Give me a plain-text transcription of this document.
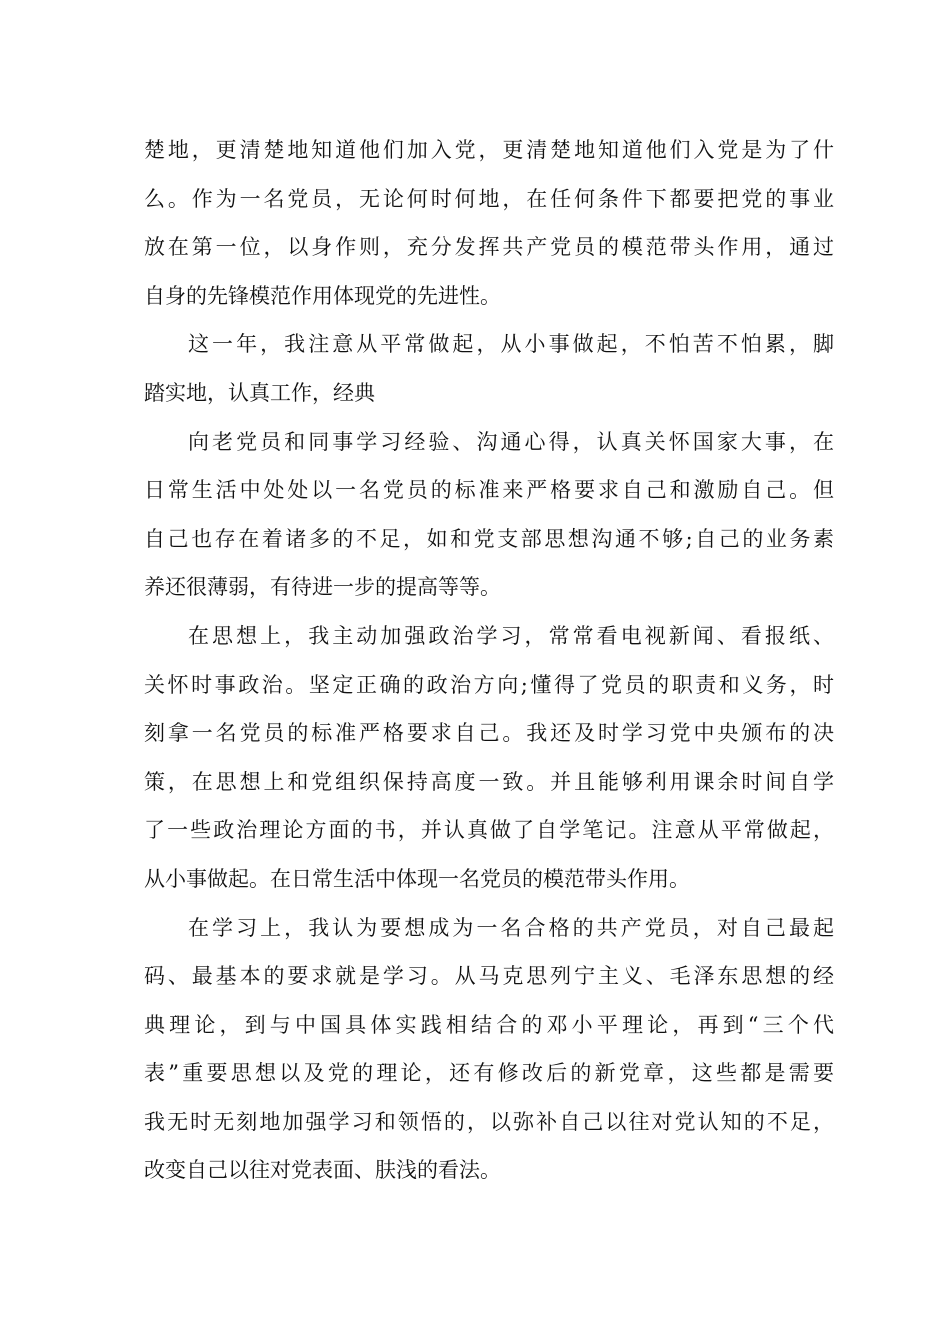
楚地，更清楚地知道他们加入党，更清楚地知道他们入党是为了什
么。作为一名党员，无论何时何地，在任何条件下都要把党的事业
放在第一位，以身作则，充分发挥共产党员的模范带头作用，通过
自身的先锋模范作用体现党的先进性。

这一年，我注意从平常做起，从小事做起，不怕苦不怕累，脚
踏实地，认真工作，经典

向老党员和同事学习经验、沟通心得，认真关怀国家大事，在
日常生活中处处以一名党员的标准来严格要求自己和激励自己。但
自己也存在着诸多的不足，如和党支部思想沟通不够;自己的业务素
养还很薄弱，有待进一步的提高等等。

在思想上，我主动加强政治学习，常常看电视新闻、看报纸、
关怀时事政治。坚定正确的政治方向;懂得了党员的职责和义务，时
刻拿一名党员的标准严格要求自己。我还及时学习党中央颁布的决
策，在思想上和党组织保持高度一致。并且能够利用课余时间自学
了一些政治理论方面的书，并认真做了自学笔记。注意从平常做起，
从小事做起。在日常生活中体现一名党员的模范带头作用。

在学习上，我认为要想成为一名合格的共产党员，对自己最起
码、最基本的要求就是学习。从马克思列宁主义、毛泽东思想的经
典理论，到与中国具体实践相结合的邓小平理论，再到“三个代
表”重要思想以及党的理论，还有修改后的新党章，这些都是需要
我无时无刻地加强学习和领悟的，以弥补自己以往对党认知的不足，
改变自己以往对党表面、肤浅的看法。
